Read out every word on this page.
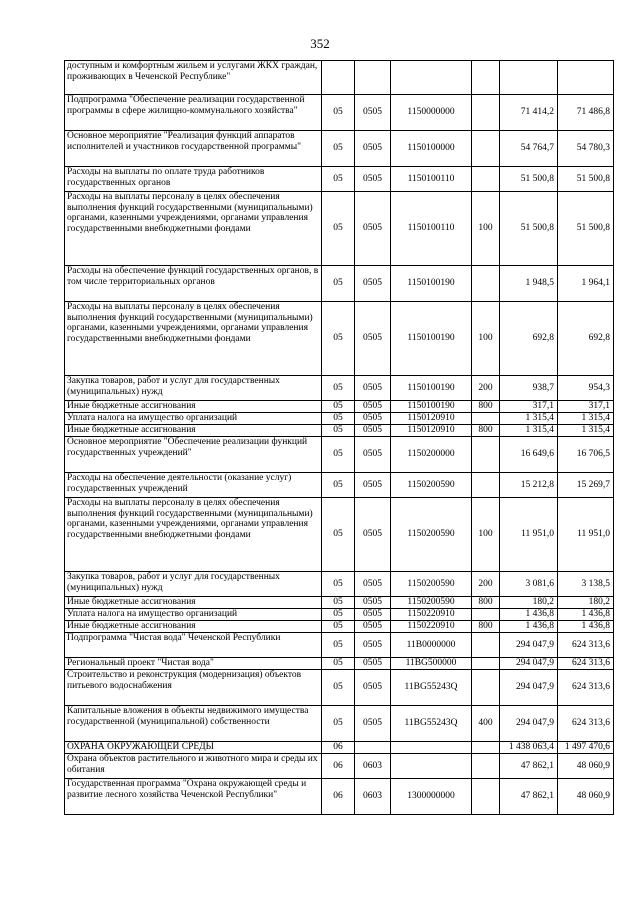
352
доступным и комфортным жильем и услугами ЖКХ граждан, проживающих в Чеченской Республике"						
Подпрограмма "Обеспечение реализации государственной программы в сфере жилищно-коммунального хозяйства"	05	0505	1150000000		71 414,2	71 486,8
Основное мероприятие "Реализация функций аппаратов исполнителей и участников государственной программы"	05	0505	1150100000		54 764,7	54 780,3
Расходы на выплаты по оплате труда работников государственных органов	05	0505	1150100110		51 500,8	51 500,8
Расходы на выплаты персоналу в целях обеспечения выполнения функций государственными (муниципальными) органами, казенными учреждениями, органами управления государственными внебюджетными фондами	05	0505	1150100110	100	51 500,8	51 500,8
Расходы на обеспечение функций государственных органов, в том числе территориальных органов	05	0505	1150100190		1 948,5	1 964,1
Расходы на выплаты персоналу в целях обеспечения выполнения функций государственными (муниципальными) органами, казенными учреждениями, органами управления государственными внебюджетными фондами	05	0505	1150100190	100	692,8	692,8
Закупка товаров, работ и услуг для государственных (муниципальных) нужд	05	0505	1150100190	200	938,7	954,3
Иные бюджетные ассигнования	05	0505	1150100190	800	317,1	317,1
Уплата налога на имущество организаций	05	0505	1150120910		1 315,4	1 315,4
Иные бюджетные ассигнования	05	0505	1150120910	800	1 315,4	1 315,4
Основное мероприятие "Обеспечение реализации функций государственных учреждений"	05	0505	1150200000		16 649,6	16 706,5
Расходы на обеспечение деятельности (оказание услуг) государственных учреждений	05	0505	1150200590		15 212,8	15 269,7
Расходы на выплаты персоналу в целях обеспечения выполнения функций государственными (муниципальными) органами, казенными учреждениями, органами управления государственными внебюджетными фондами	05	0505	1150200590	100	11 951,0	11 951,0
Закупка товаров, работ и услуг для государственных (муниципальных) нужд	05	0505	1150200590	200	3 081,6	3 138,5
Иные бюджетные ассигнования	05	0505	1150200590	800	180,2	180,2
Уплата налога на имущество организаций	05	0505	1150220910		1 436,8	1 436,8
Иные бюджетные ассигнования	05	0505	1150220910	800	1 436,8	1 436,8
Подпрограмма "Чистая вода" Чеченской Республики	05	0505	11В0000000		294 047,9	624 313,6
Региональный проект "Чистая вода"	05	0505	11ВG500000		294 047,9	624 313,6
Строительство и реконструкция (модернизация) объектов питьевого водоснабжения	05	0505	11ВG55243Q		294 047,9	624 313,6
Капитальные вложения в объекты недвижимого имущества государственной (муниципальной) собственности	05	0505	11ВG55243Q	400	294 047,9	624 313,6
ОХРАНА ОКРУЖАЮЩЕЙ СРЕДЫ	06				1 438 063,4	1 497 470,6
Охрана объектов растительного и животного мира и среды их обитания	06	0603			47 862,1	48 060,9
Государственная программа "Охрана окружающей среды и развитие лесного хозяйства Чеченской Республики"	06	0603	1300000000		47 862,1	48 060,9
